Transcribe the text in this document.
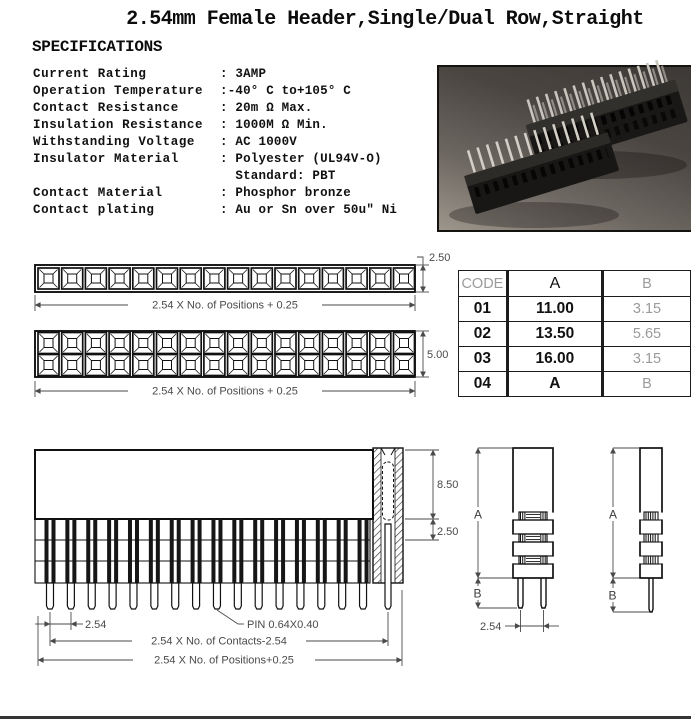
2.54mm Female Header,Single/Dual Row,Straight
SPECIFICATIONS
Current Rating	: 3AMP
Operation Temperature :-40° C to+105° C
Contact Resistance	: 20m Ω Max.
Insulation Resistance : 1000M Ω Min.
Withstanding Voltage : AC 1000V
Insulator Material	: Polyester (UL94V-O)
Standard: PBT
Contact Material	: Phosphor bronze
Contact plating	: Au or Sn over 50u" Ni
2.50
2.54 X No. of Positions + 0.25
5.00
2.54 X No. of Positions + 0.25
CODE	A	B
01	11.00	3.15
02	13.50	5.65
03	16.00	3.15
04	A	B
8.50
2.50
2.54	PIN 0.64X0.40
2.54 X No. of Contacts-2.54
2.54 X No. of Positions+0.25
A
B
2.54
A
B
